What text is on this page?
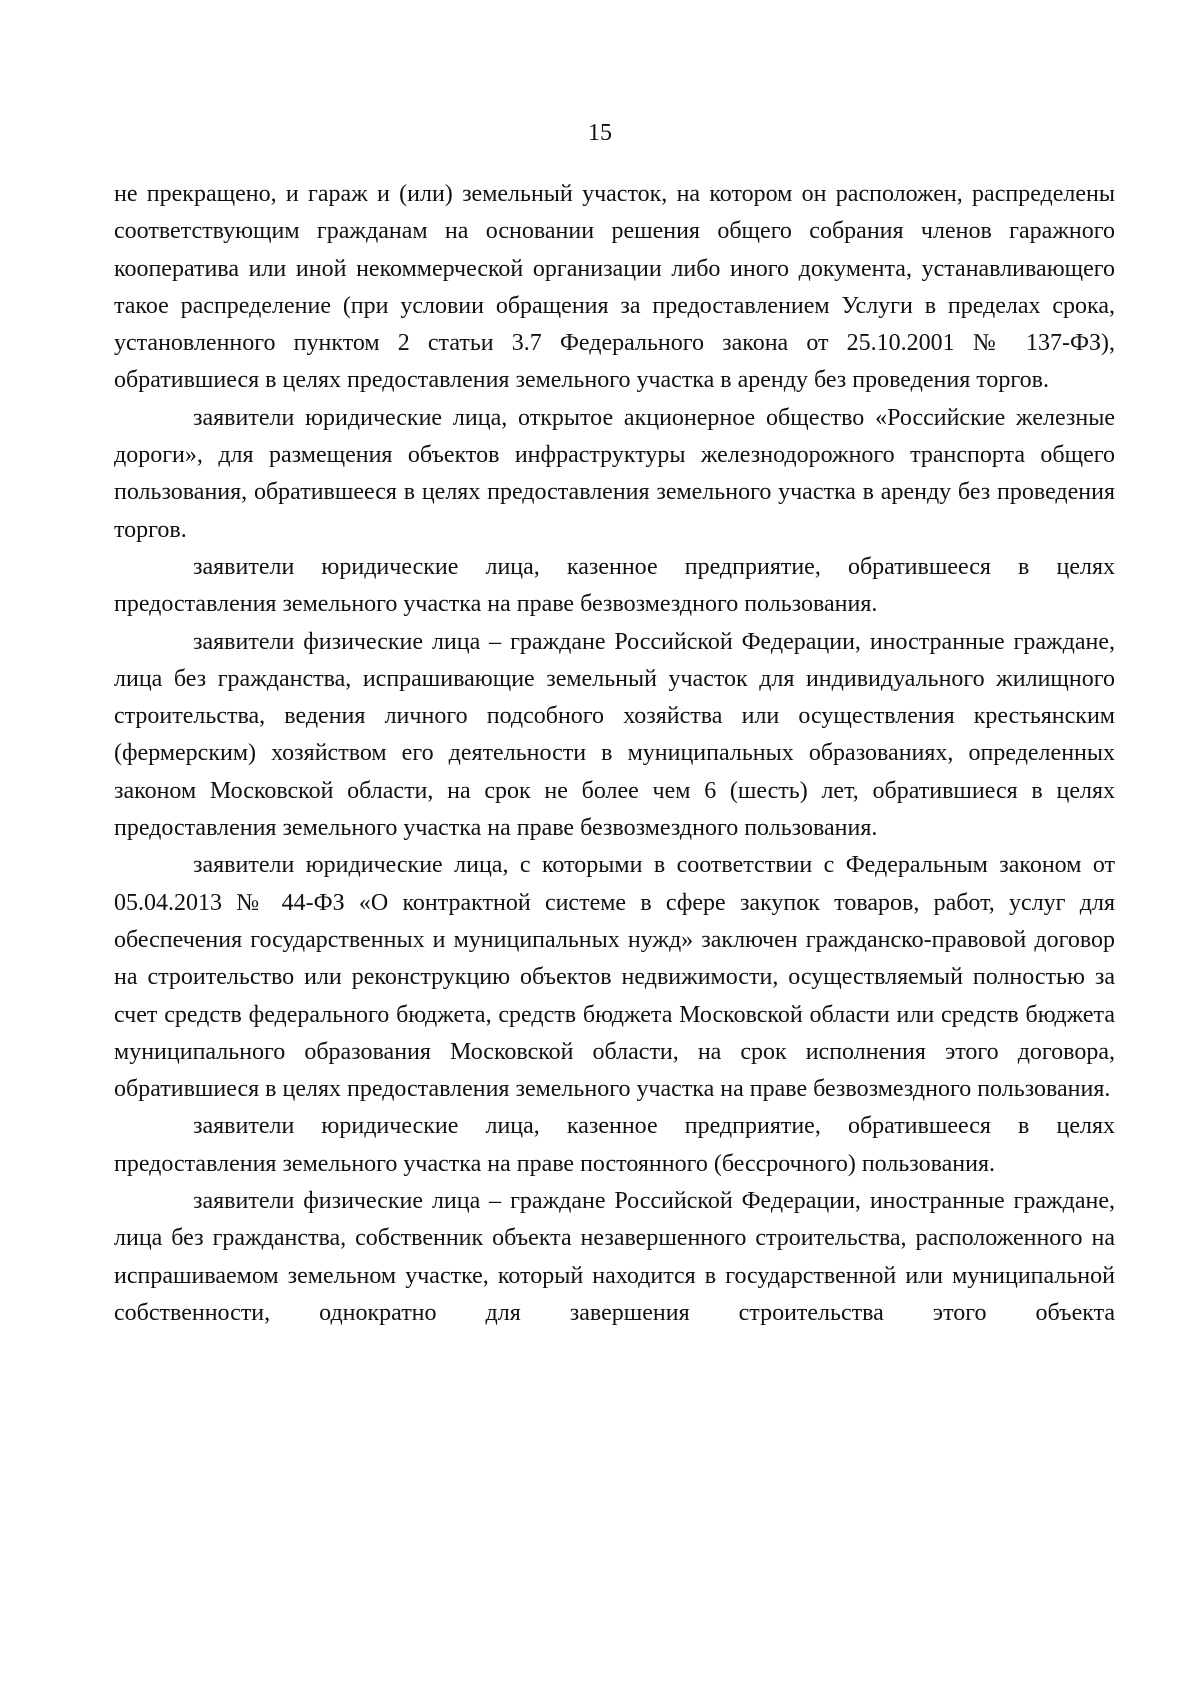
15

не прекращено, и гараж и (или) земельный участок, на котором он расположен, распределены соответствующим гражданам на основании решения общего собрания членов гаражного кооператива или иной некоммерческой организации либо иного документа, устанавливающего такое распределение (при условии обращения за предоставлением Услуги в пределах срока, установленного пунктом 2 статьи 3.7 Федерального закона от 25.10.2001 № 137-ФЗ), обратившиеся в целях предоставления земельного участка в аренду без проведения торгов.

заявители юридические лица, открытое акционерное общество «Российские железные дороги», для размещения объектов инфраструктуры железнодорожного транспорта общего пользования, обратившееся в целях предоставления земельного участка в аренду без проведения торгов.

заявители юридические лица, казенное предприятие, обратившееся в целях предоставления земельного участка на праве безвозмездного пользования.

заявители физические лица – граждане Российской Федерации, иностранные граждане, лица без гражданства, испрашивающие земельный участок для индивидуального жилищного строительства, ведения личного подсобного хозяйства или осуществления крестьянским (фермерским) хозяйством его деятельности в муниципальных образованиях, определенных законом Московской области, на срок не более чем 6 (шесть) лет, обратившиеся в целях предоставления земельного участка на праве безвозмездного пользования.

заявители юридические лица, с которыми в соответствии с Федеральным законом от 05.04.2013 № 44-ФЗ «О контрактной системе в сфере закупок товаров, работ, услуг для обеспечения государственных и муниципальных нужд» заключен гражданско-правовой договор на строительство или реконструкцию объектов недвижимости, осуществляемый полностью за счет средств федерального бюджета, средств бюджета Московской области или средств бюджета муниципального образования Московской области, на срок исполнения этого договора, обратившиеся в целях предоставления земельного участка на праве безвозмездного пользования.

заявители юридические лица, казенное предприятие, обратившееся в целях предоставления земельного участка на праве постоянного (бессрочного) пользования.

заявители физические лица – граждане Российской Федерации, иностранные граждане, лица без гражданства, собственник объекта незавершенного строительства, расположенного на испрашиваемом земельном участке, который находится в государственной или муниципальной собственности, однократно для завершения строительства этого объекта
